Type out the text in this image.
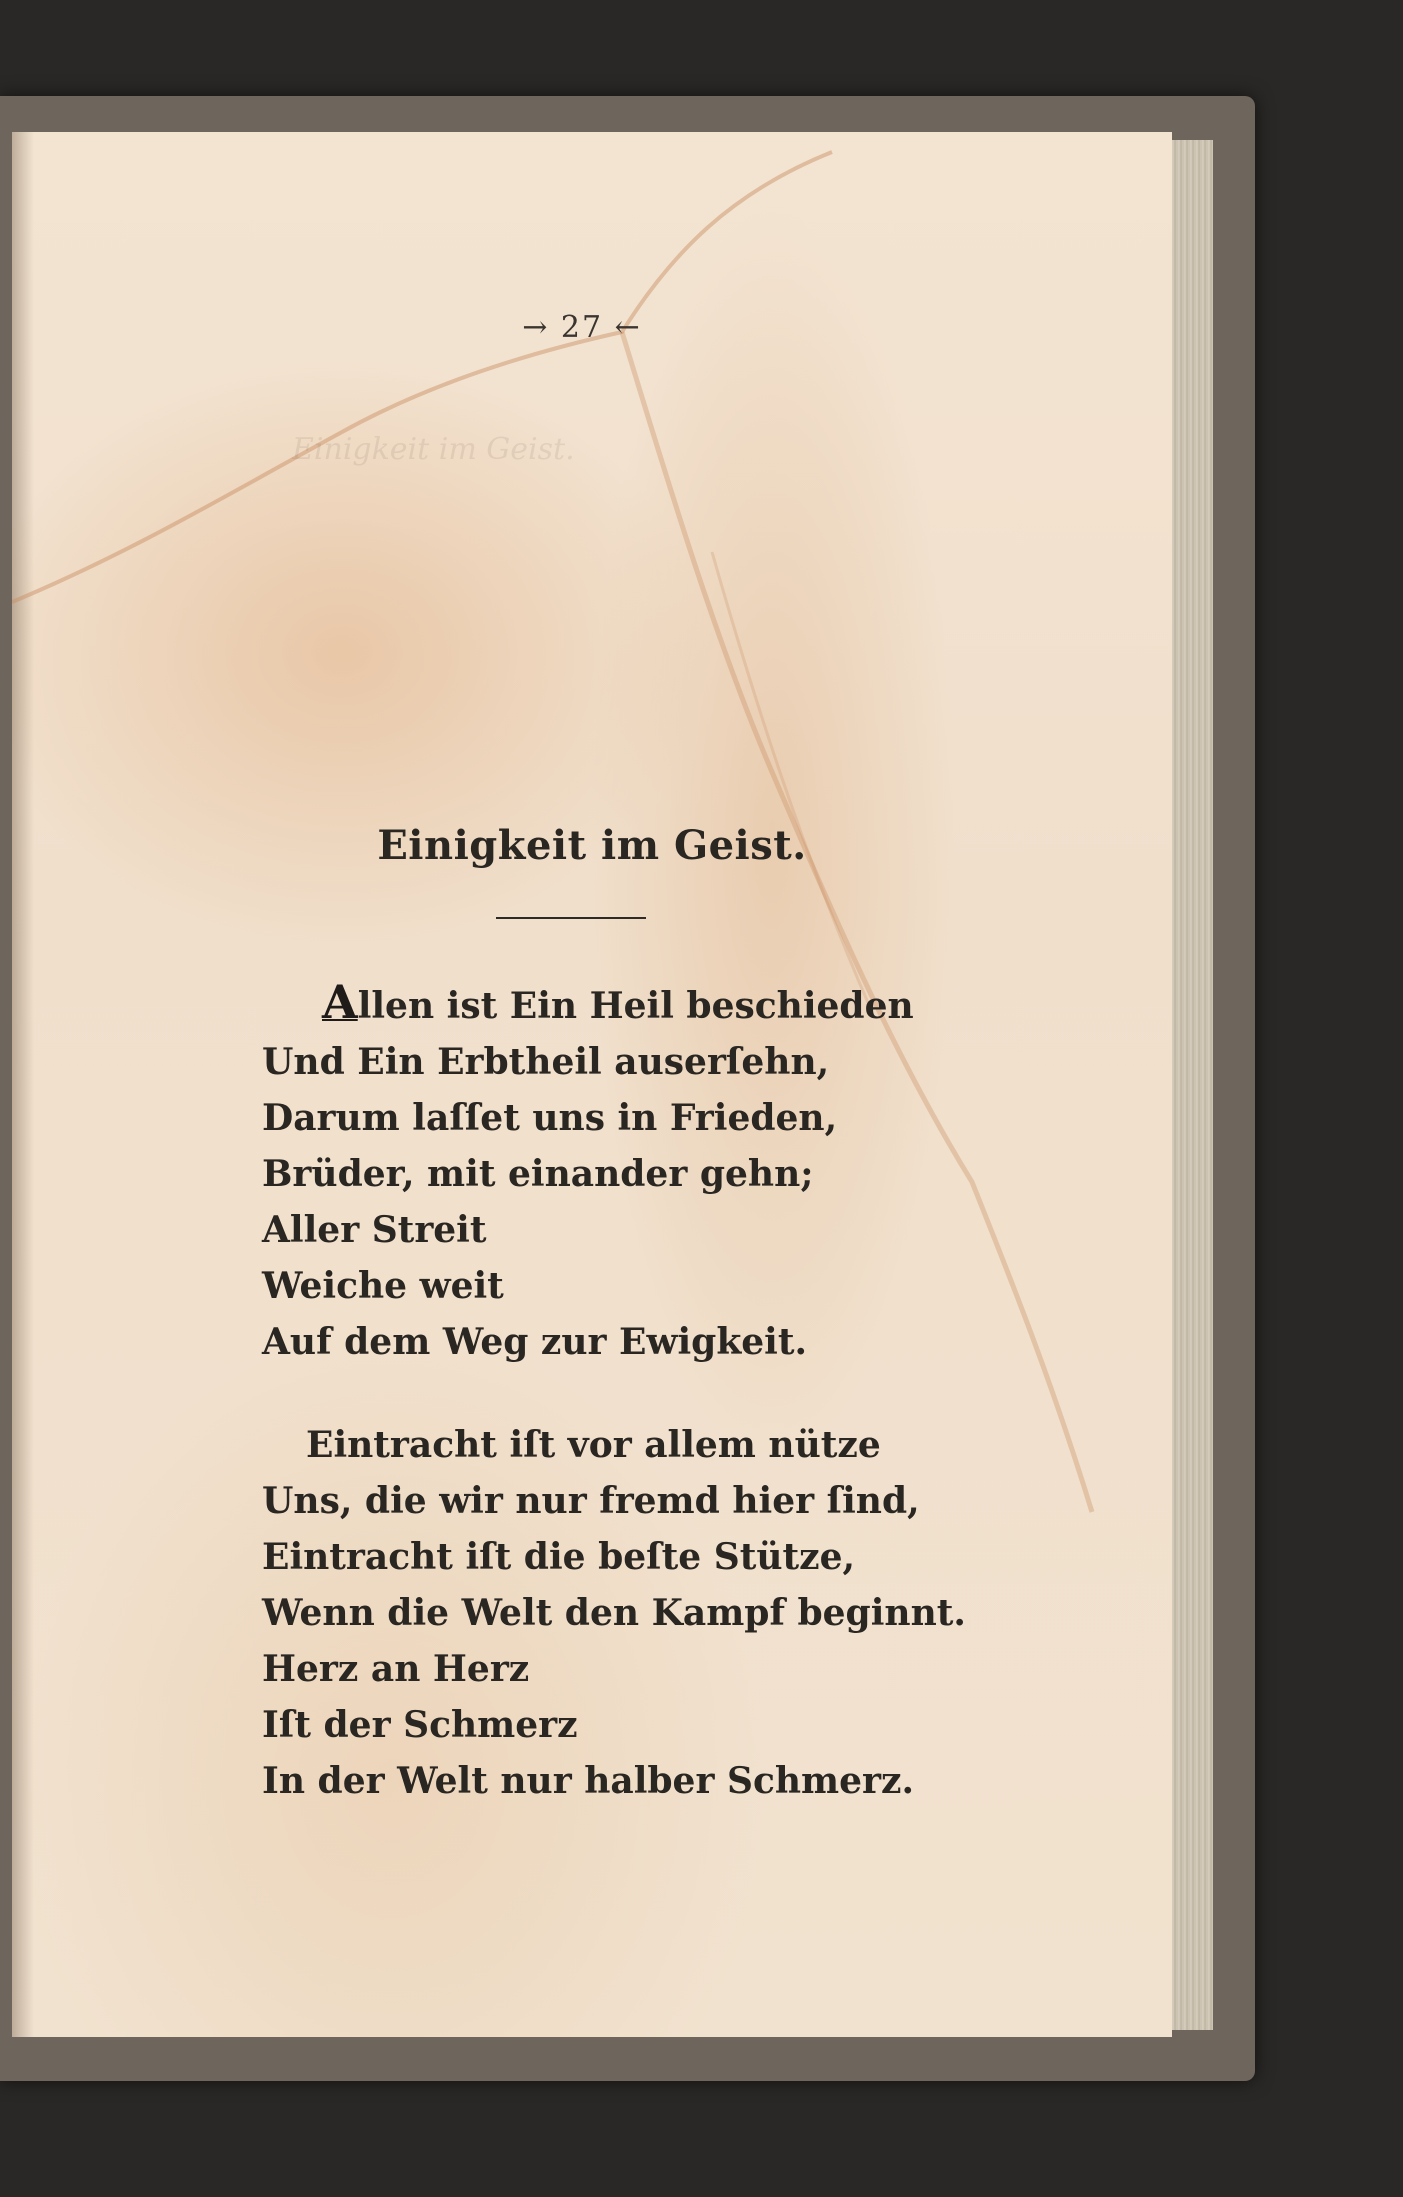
Einigkeit im Geist.
→ 27 ←
Einigkeit im Geist.
Allen ist Ein Heil beschieden
Und Ein Erbtheil auserſehn,
Darum laſſet uns in Frieden,
Brüder, mit einander gehn;
Aller Streit
Weiche weit
Auf dem Weg zur Ewigkeit.
Eintracht iſt vor allem nütze
Uns, die wir nur fremd hier ſind,
Eintracht iſt die beſte Stütze,
Wenn die Welt den Kampf beginnt.
Herz an Herz
Iſt der Schmerz
In der Welt nur halber Schmerz.
